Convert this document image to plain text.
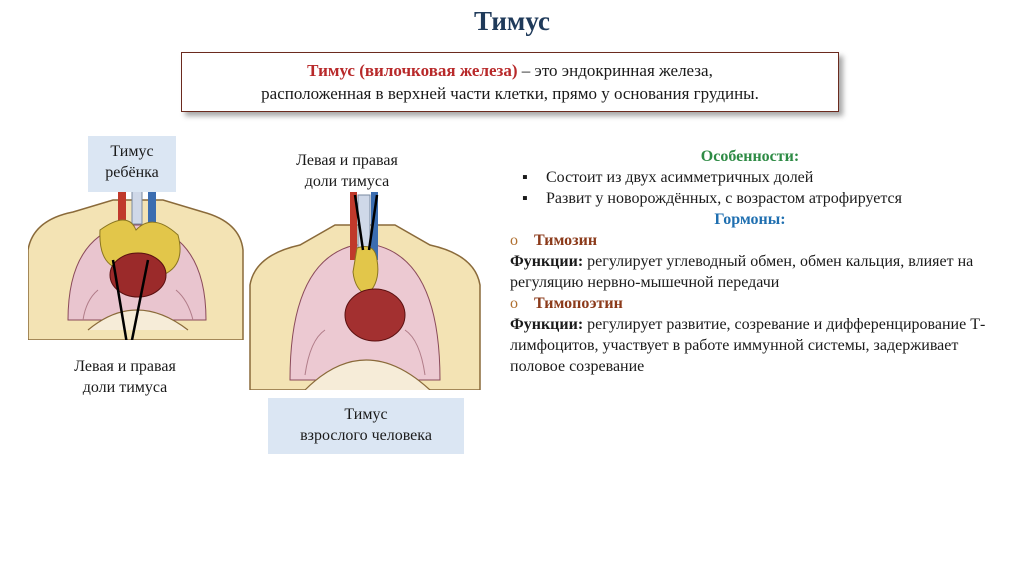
Тимус
Тимус (вилочковая железа) – это эндокринная железа,
расположенная в верхней части клетки, прямо у основания грудины.
Тимус
ребёнка
Левая и правая
доли тимуса
Левая и правая
доли тимуса
Тимус
взрослого человека
Особенности:
▪	Состоит из двух асимметричных долей
▪	Развит у новорождённых, с возрастом атрофируется
Гормоны:
o Тимозин
Функции: регулирует углеводный обмен, обмен кальция, влияет на регуляцию нервно-мышечной передачи
o Тимопоэтин
Функции: регулирует развитие, созревание и дифференцирование Т-лимфоцитов, участвует в работе иммунной системы, задерживает половое созревание
